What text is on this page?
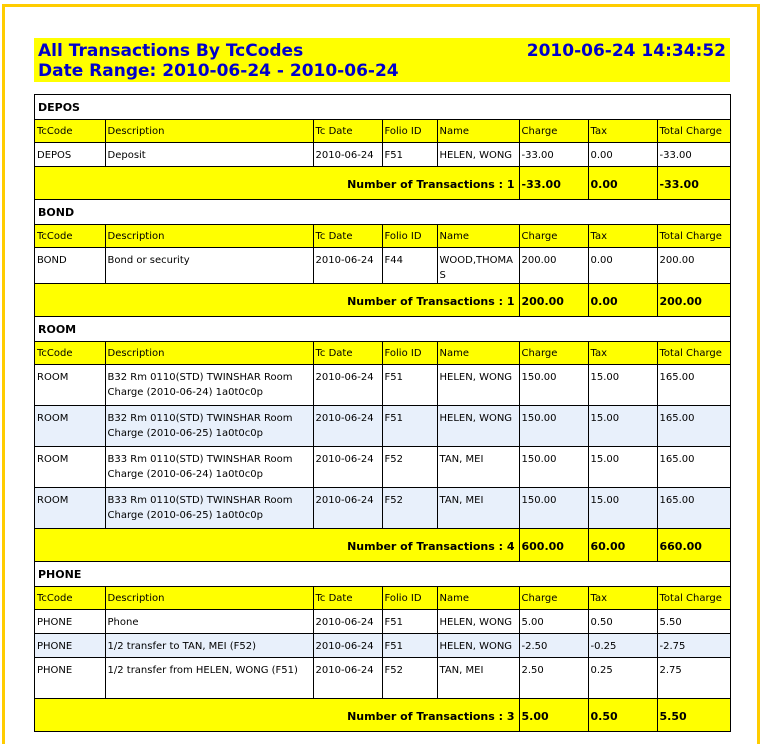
All Transactions By TcCodes
Date Range: 2010-06-24 - 2010-06-24
2010-06-24 14:34:52
DEPOS							
TcCode	Description	Tc Date	Folio ID	Name	Charge	Tax	Total Charge
DEPOS	Deposit	2010-06-24	F51	HELEN, WONG	-33.00	0.00	-33.00
Number of Transactions : 1					-33.00	0.00	-33.00
BOND							
TcCode	Description	Tc Date	Folio ID	Name	Charge	Tax	Total Charge
BOND	Bond or security	2010-06-24	F44	WOOD,THOMAS	200.00	0.00	200.00
Number of Transactions : 1					200.00	0.00	200.00
ROOM							
TcCode	Description	Tc Date	Folio ID	Name	Charge	Tax	Total Charge
ROOM	B32 Rm 0110(STD) TWINSHAR Room Charge (2010-06-24) 1a0t0c0p	2010-06-24	F51	HELEN, WONG	150.00	15.00	165.00
ROOM	B32 Rm 0110(STD) TWINSHAR Room Charge (2010-06-25) 1a0t0c0p	2010-06-24	F51	HELEN, WONG	150.00	15.00	165.00
ROOM	B33 Rm 0110(STD) TWINSHAR Room Charge (2010-06-24) 1a0t0c0p	2010-06-24	F52	TAN, MEI	150.00	15.00	165.00
ROOM	B33 Rm 0110(STD) TWINSHAR Room Charge (2010-06-25) 1a0t0c0p	2010-06-24	F52	TAN, MEI	150.00	15.00	165.00
Number of Transactions : 4					600.00	60.00	660.00
PHONE							
TcCode	Description	Tc Date	Folio ID	Name	Charge	Tax	Total Charge
PHONE	Phone	2010-06-24	F51	HELEN, WONG	5.00	0.50	5.50
PHONE	1/2 transfer to TAN, MEI (F52)	2010-06-24	F51	HELEN, WONG	-2.50	-0.25	-2.75
PHONE	1/2 transfer from HELEN, WONG (F51)	2010-06-24	F52	TAN, MEI	2.50	0.25	2.75
Number of Transactions : 3					5.00	0.50	5.50
